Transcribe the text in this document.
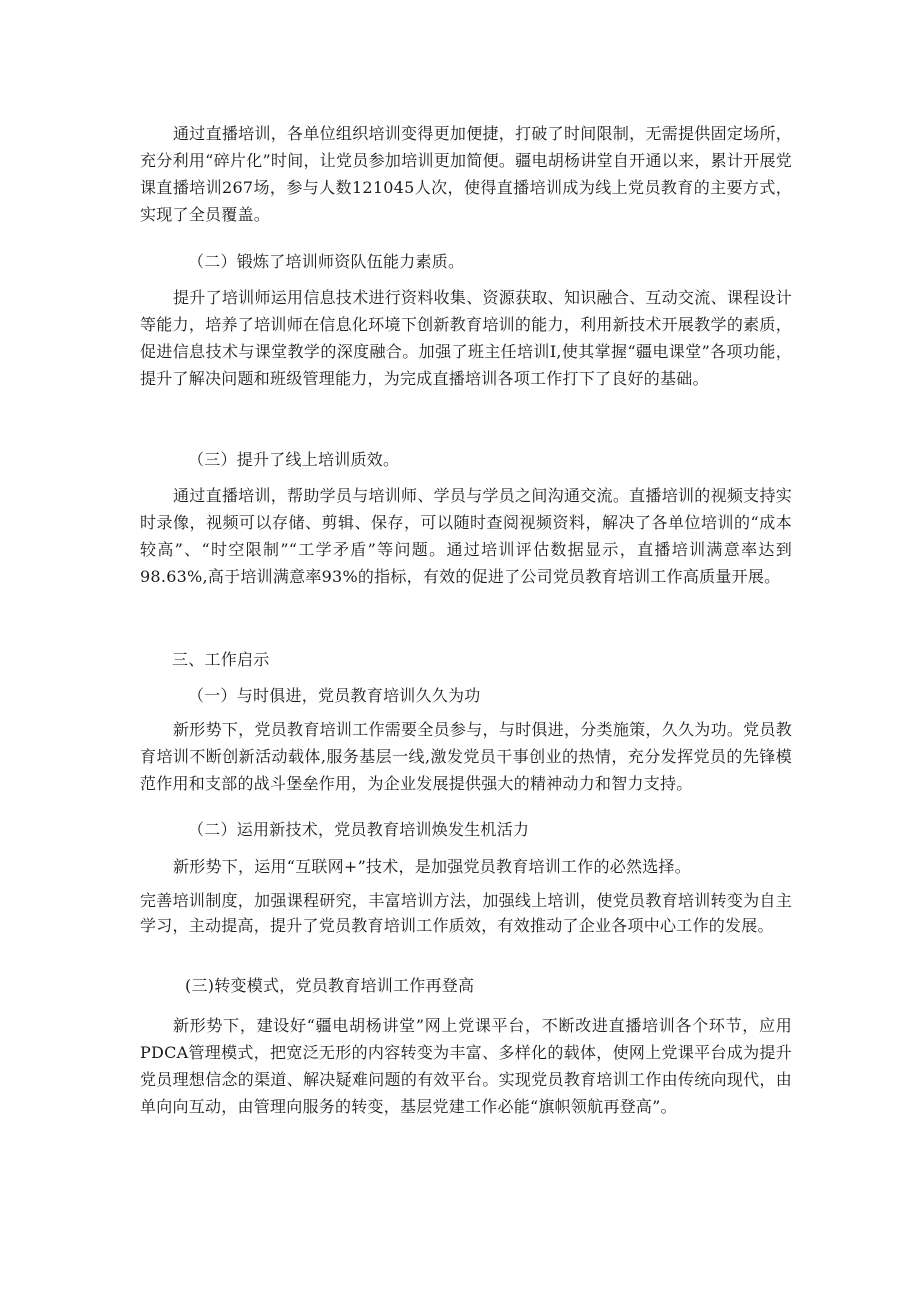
通过直播培训，各单位组织培训变得更加便捷，打破了时间限制，无需提供固定场所，充分利用“碎片化”时间，让党员参加培训更加简便。疆电胡杨讲堂自开通以来，累计开展党课直播培训267场，参与人数121045人次，使得直播培训成为线上党员教育的主要方式，实现了全员覆盖。

（二）锻炼了培训师资队伍能力素质。

提升了培训师运用信息技术进行资料收集、资源获取、知识融合、互动交流、课程设计等能力，培养了培训师在信息化环境下创新教育培训的能力，利用新技术开展教学的素质，促进信息技术与课堂教学的深度融合。加强了班主任培训I,使其掌握“疆电课堂”各项功能，提升了解决问题和班级管理能力，为完成直播培训各项工作打下了良好的基础。

（三）提升了线上培训质效。

通过直播培训，帮助学员与培训师、学员与学员之间沟通交流。直播培训的视频支持实时录像，视频可以存储、剪辑、保存，可以随时查阅视频资料，解决了各单位培训的“成本较高”、“时空限制”“工学矛盾”等问题。通过培训评估数据显示，直播培训满意率达到98.63%,高于培训满意率93%的指标，有效的促进了公司党员教育培训工作高质量开展。

三、工作启示

（一）与时俱进，党员教育培训久久为功

新形势下，党员教育培训工作需要全员参与，与时俱进，分类施策，久久为功。党员教育培训不断创新活动载体,服务基层一线,激发党员干事创业的热情，充分发挥党员的先锋模范作用和支部的战斗堡垒作用，为企业发展提供强大的精神动力和智力支持。

（二）运用新技术，党员教育培训焕发生机活力

新形势下，运用“互联网+”技术，是加强党员教育培训工作的必然选择。

完善培训制度，加强课程研究，丰富培训方法，加强线上培训，使党员教育培训转变为自主学习，主动提高，提升了党员教育培训工作质效，有效推动了企业各项中心工作的发展。

(三)转变模式，党员教育培训工作再登高

新形势下，建设好“疆电胡杨讲堂”网上党课平台，不断改进直播培训各个环节，应用PDCA管理模式，把宽泛无形的内容转变为丰富、多样化的载体，使网上党课平台成为提升党员理想信念的渠道、解决疑难问题的有效平台。实现党员教育培训工作由传统向现代，由单向向互动，由管理向服务的转变，基层党建工作必能“旗帜领航再登高”。
